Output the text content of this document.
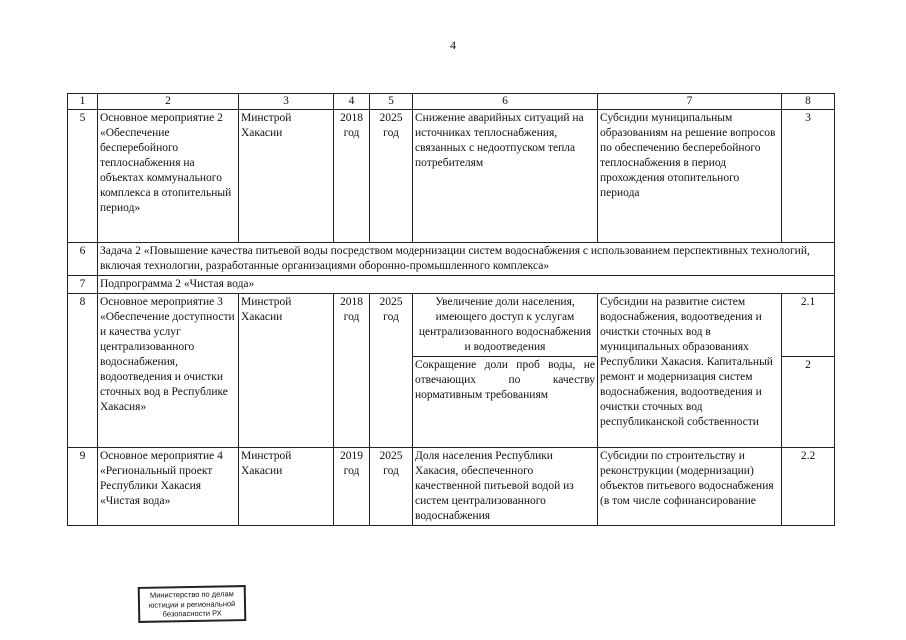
4
1	2	3	4	5	6	7	8
5	Основное мероприятие 2 «Обеспечение бесперебойного теплоснабжения на объектах коммунального комплекса в отопительный период»	Минстрой Хакасии	2018 год	2025 год	Снижение аварийных ситуаций на источниках теплоснабжения, связанных с недоотпуском тепла потребителям	Субсидии муниципальным образованиям на решение вопросов по обеспечению бесперебойного теплоснабжения в период прохождения отопительного периода	3
6	Задача 2 «Повышение качества питьевой воды посредством модернизации систем водоснабжения с использованием перспективных технологий, включая технологии, разработанные организациями оборонно-промышленного комплекса»						
7	Подпрограмма 2 «Чистая вода»						
8	Основное мероприятие 3 «Обеспечение доступности и качества услуг централизованного водоснабжения, водоотведения и очистки сточных вод в Республике Хакасия»	Минстрой Хакасии	2018 год	2025 год	Увеличение доли населения, имеющего доступ к услугам централизованного водоснабжения и водоотведения	Субсидии на развитие систем водоснабжения, водоотведения и очистки сточных вод в муниципальных образованиях Республики Хакасия. Капитальный ремонт и модернизация систем водоснабжения, водоотведения и очистки сточных вод республиканской собственности	2.1
					Сокращение доли проб воды, не отвечающих по качеству нормативным требованиям		2
9	Основное мероприятие 4 «Региональный проект Республики Хакасия «Чистая вода»	Минстрой Хакасии	2019 год	2025 год	Доля населения Республики Хакасия, обеспеченного качественной питьевой водой из систем централизованного водоснабжения	Субсидии по строительству и реконструкции (модернизации) объектов питьевого водоснабжения (в том числе софинансирование	2.2
Министерство по делам
юстиции и региональной
безопасности РХ
